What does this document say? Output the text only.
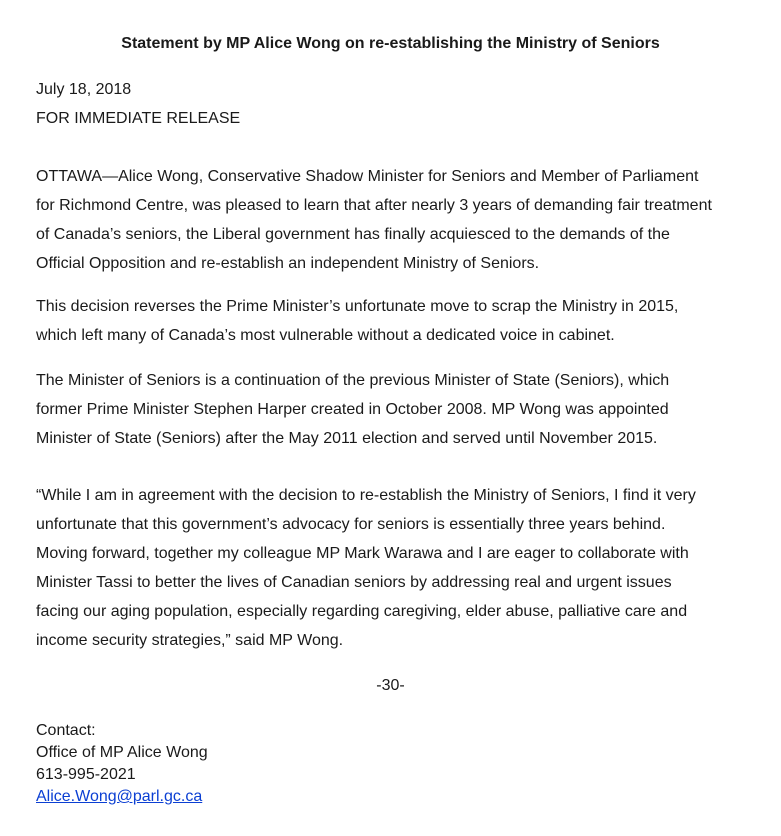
Statement by MP Alice Wong on re-establishing the Ministry of Seniors
July 18, 2018
FOR IMMEDIATE RELEASE
OTTAWA—Alice Wong, Conservative Shadow Minister for Seniors and Member of Parliament
for Richmond Centre, was pleased to learn that after nearly 3 years of demanding fair treatment
of Canada’s seniors, the Liberal government has finally acquiesced to the demands of the
Official Opposition and re-establish an independent Ministry of Seniors.
This decision reverses the Prime Minister’s unfortunate move to scrap the Ministry in 2015,
which left many of Canada’s most vulnerable without a dedicated voice in cabinet.
The Minister of Seniors is a continuation of the previous Minister of State (Seniors), which
former Prime Minister Stephen Harper created in October 2008. MP Wong was appointed
Minister of State (Seniors) after the May 2011 election and served until November 2015.
“While I am in agreement with the decision to re-establish the Ministry of Seniors, I find it very
unfortunate that this government’s advocacy for seniors is essentially three years behind.
Moving forward, together my colleague MP Mark Warawa and I are eager to collaborate with
Minister Tassi to better the lives of Canadian seniors by addressing real and urgent issues
facing our aging population, especially regarding caregiving, elder abuse, palliative care and
income security strategies,” said MP Wong.
-30-
Contact:
Office of MP Alice Wong
613-995-2021
Alice.Wong@parl.gc.ca
